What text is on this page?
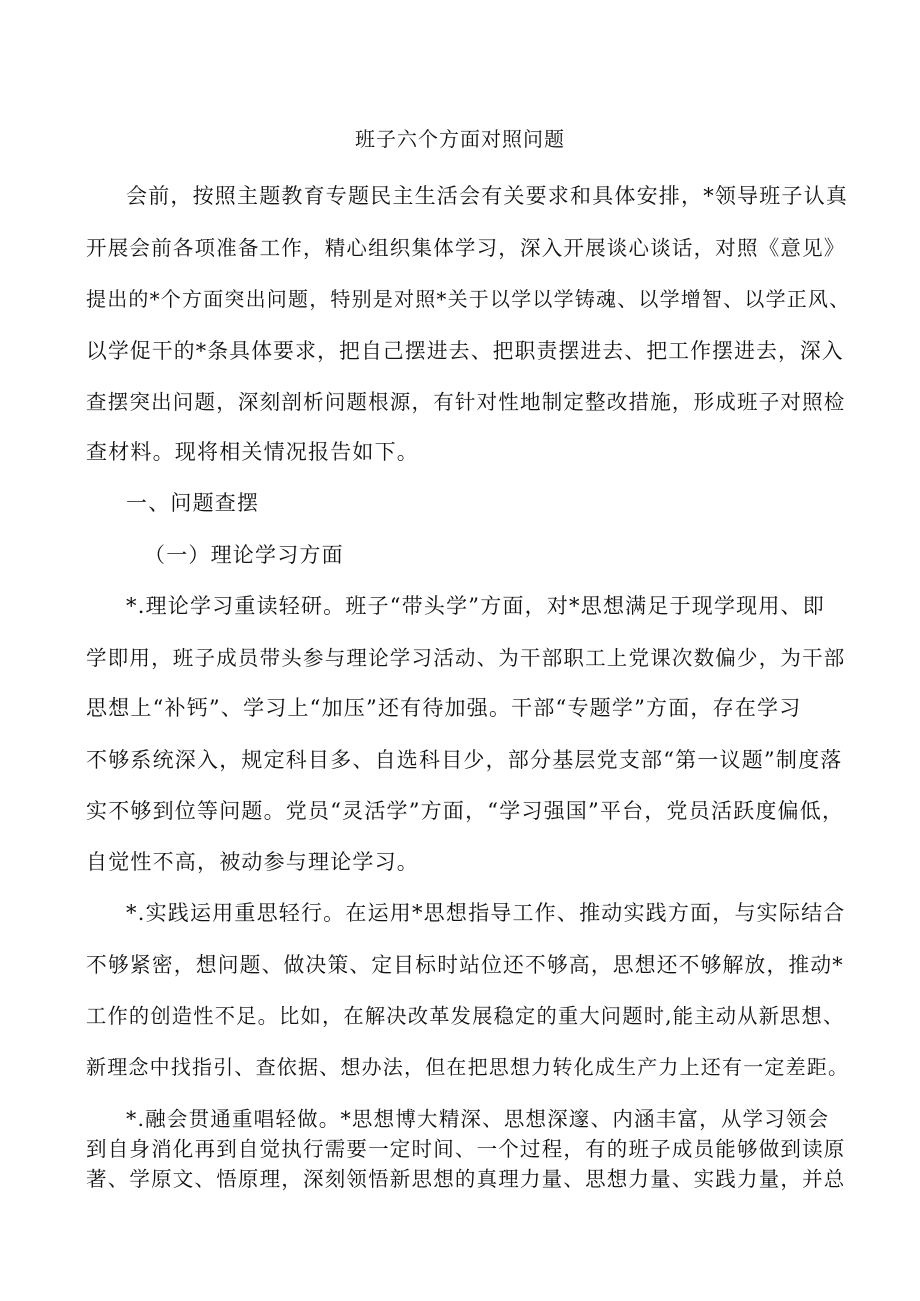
班子六个方面对照问题
会前，按照主题教育专题民主生活会有关要求和具体安排，*领导班子认真
开展会前各项准备工作，精心组织集体学习，深入开展谈心谈话，对照《意见》
提出的*个方面突出问题，特别是对照*关于以学以学铸魂、以学增智、以学正风、
以学促干的*条具体要求，把自己摆进去、把职责摆进去、把工作摆进去，深入
查摆突出问题，深刻剖析问题根源，有针对性地制定整改措施，形成班子对照检
查材料。现将相关情况报告如下。
一、问题查摆
（一）理论学习方面
*.理论学习重读轻研。班子“带头学”方面，对*思想满足于现学现用、即
学即用，班子成员带头参与理论学习活动、为干部职工上党课次数偏少，为干部
思想上“补钙”、学习上“加压”还有待加强。干部“专题学”方面，存在学习
不够系统深入，规定科目多、自选科目少，部分基层党支部“第一议题”制度落
实不够到位等问题。党员“灵活学”方面，“学习强国”平台，党员活跃度偏低，
自觉性不高，被动参与理论学习。
*.实践运用重思轻行。在运用*思想指导工作、推动实践方面，与实际结合
不够紧密，想问题、做决策、定目标时站位还不够高，思想还不够解放，推动*
工作的创造性不足。比如，在解决改革发展稳定的重大问题时,能主动从新思想、
新理念中找指引、查依据、想办法，但在把思想力转化成生产力上还有一定差距。
*.融会贯通重唱轻做。*思想博大精深、思想深邃、内涵丰富，从学习领会
到自身消化再到自觉执行需要一定时间、一个过程，有的班子成员能够做到读原
著、学原文、悟原理，深刻领悟新思想的真理力量、思想力量、实践力量，并总
